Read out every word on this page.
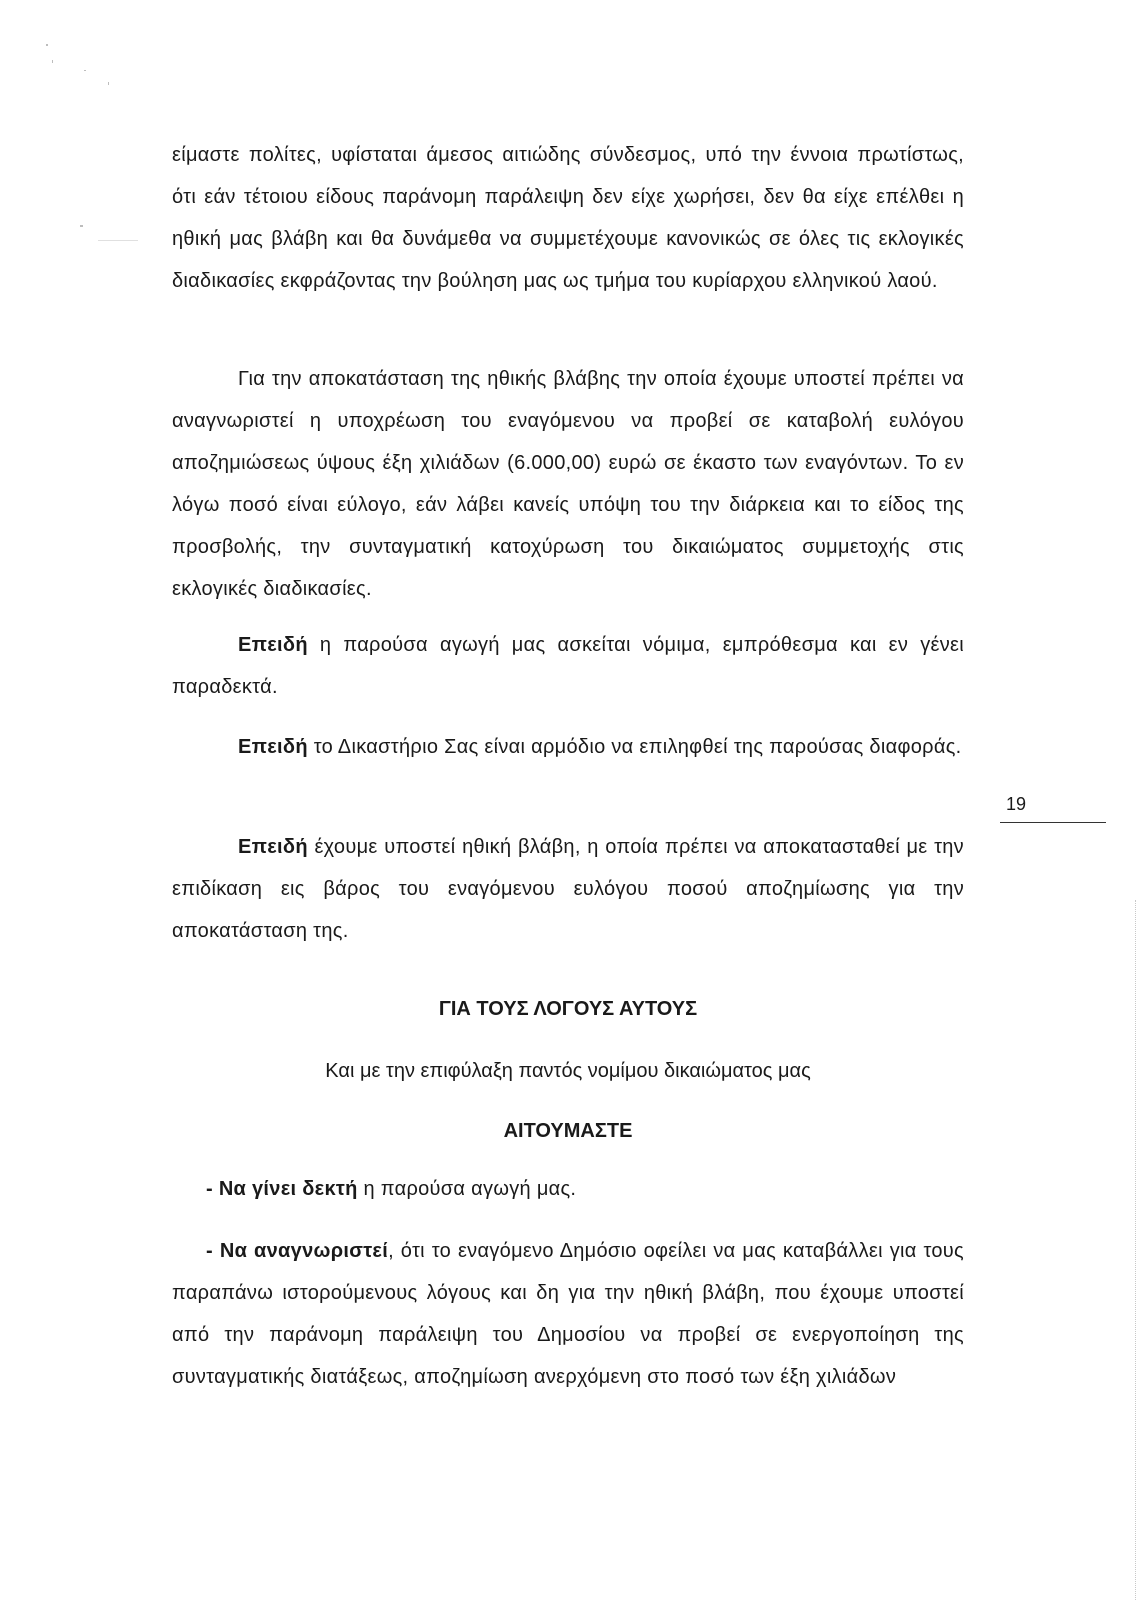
είμαστε πολίτες, υφίσταται άμεσος αιτιώδης σύνδεσμος, υπό την έννοια πρωτίστως, ότι εάν τέτοιου είδους παράνομη παράλειψη δεν είχε χωρήσει, δεν θα είχε επέλθει η ηθική μας βλάβη και θα δυνάμεθα να συμμετέχουμε κανονικώς σε όλες τις εκλογικές διαδικασίες εκφράζοντας την βούληση μας ως τμήμα του κυρίαρχου ελληνικού λαού.

Για την αποκατάσταση της ηθικής βλάβης την οποία έχουμε υποστεί πρέπει να αναγνωριστεί η υποχρέωση του εναγόμενου να προβεί σε καταβολή ευλόγου αποζημιώσεως ύψους έξη χιλιάδων (6.000,00) ευρώ σε έκαστο των εναγόντων. Το εν λόγω ποσό είναι εύλογο, εάν λάβει κανείς υπόψη του την διάρκεια και το είδος της προσβολής, την συνταγματική κατοχύρωση του δικαιώματος συμμετοχής στις εκλογικές διαδικασίες.

Επειδή η παρούσα αγωγή μας ασκείται νόμιμα, εμπρόθεσμα και εν γένει παραδεκτά.

Επειδή το Δικαστήριο Σας είναι αρμόδιο να επιληφθεί της παρούσας διαφοράς.

Επειδή έχουμε υποστεί ηθική βλάβη, η οποία πρέπει να αποκατασταθεί με την επιδίκαση εις βάρος του εναγόμενου ευλόγου ποσού αποζημίωσης για την αποκατάσταση της.

ΓΙΑ ΤΟΥΣ ΛΟΓΟΥΣ ΑΥΤΟΥΣ
Και με την επιφύλαξη παντός νομίμου δικαιώματος μας
ΑΙΤΟΥΜΑΣΤΕ

- Να γίνει δεκτή η παρούσα αγωγή μας.

- Να αναγνωριστεί, ότι το εναγόμενο Δημόσιο οφείλει να μας καταβάλλει για τους παραπάνω ιστορούμενους λόγους και δη για την ηθική βλάβη, που έχουμε υποστεί από την παράνομη παράλειψη του Δημοσίου να προβεί σε ενεργοποίηση της συνταγματικής διατάξεως, αποζημίωση ανερχόμενη στο ποσό των έξη χιλιάδων

19
